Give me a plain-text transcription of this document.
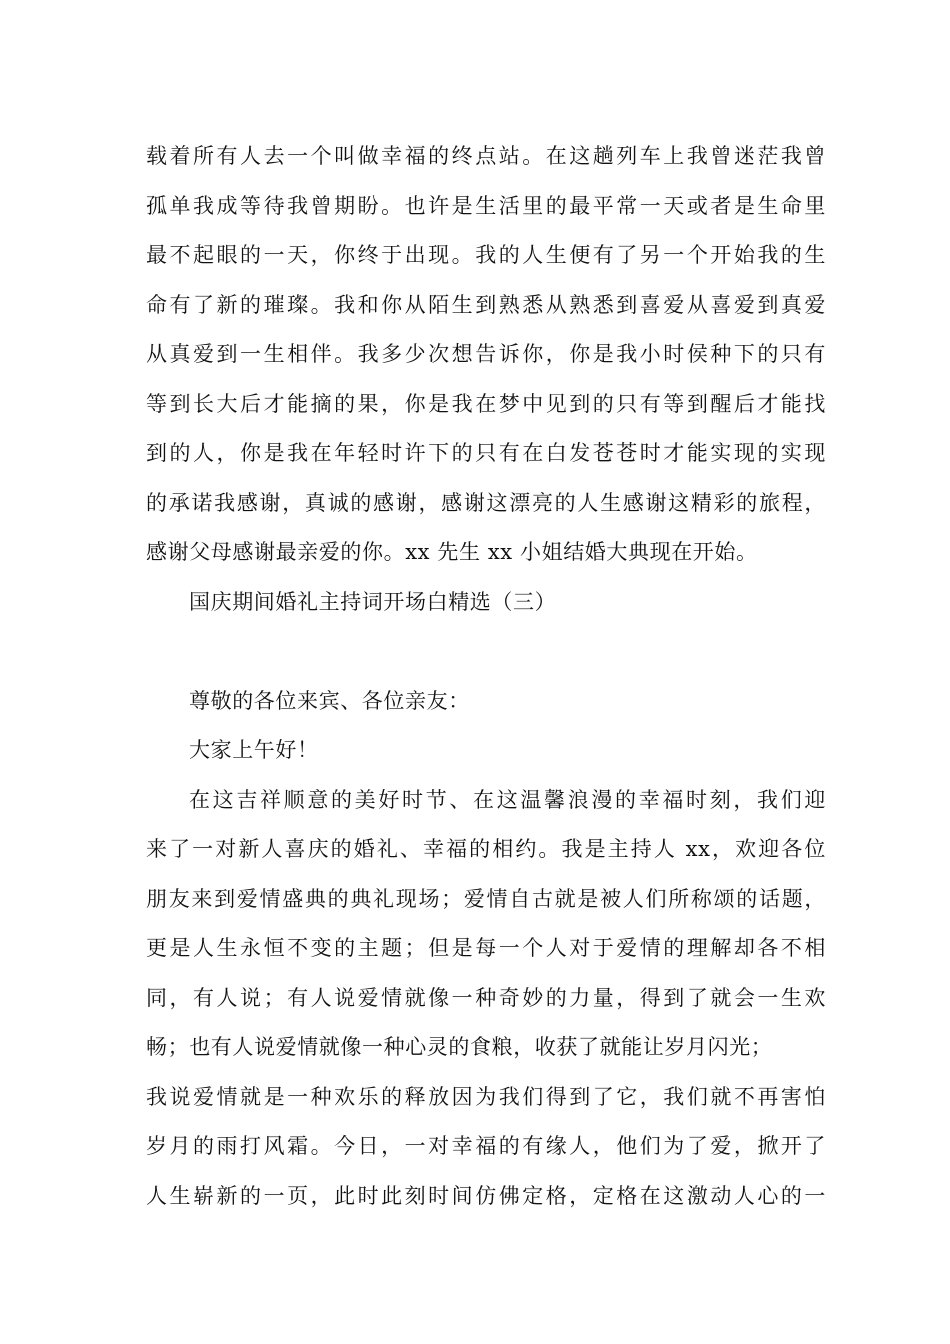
载着所有人去一个叫做幸福的终点站。在这趟列车上我曾迷茫我曾
孤单我成等待我曾期盼。也许是生活里的最平常一天或者是生命里
最不起眼的一天，你终于出现。我的人生便有了另一个开始我的生
命有了新的璀璨。我和你从陌生到熟悉从熟悉到喜爱从喜爱到真爱
从真爱到一生相伴。我多少次想告诉你，你是我小时侯种下的只有
等到长大后才能摘的果，你是我在梦中见到的只有等到醒后才能找
到的人，你是我在年轻时许下的只有在白发苍苍时才能实现的实现
的承诺我感谢，真诚的感谢，感谢这漂亮的人生感谢这精彩的旅程，
感谢父母感谢最亲爱的你。xx 先生 xx 小姐结婚大典现在开始。
国庆期间婚礼主持词开场白精选（三）
尊敬的各位来宾、各位亲友：
大家上午好！
在这吉祥顺意的美好时节、在这温馨浪漫的幸福时刻，我们迎
来了一对新人喜庆的婚礼、幸福的相约。我是主持人 xx，欢迎各位
朋友来到爱情盛典的典礼现场；爱情自古就是被人们所称颂的话题，
更是人生永恒不变的主题；但是每一个人对于爱情的理解却各不相
同，有人说；有人说爱情就像一种奇妙的力量，得到了就会一生欢
畅；也有人说爱情就像一种心灵的食粮，收获了就能让岁月闪光；
我说爱情就是一种欢乐的释放因为我们得到了它，我们就不再害怕
岁月的雨打风霜。今日，一对幸福的有缘人，他们为了爱，掀开了
人生崭新的一页，此时此刻时间仿佛定格，定格在这激动人心的一
